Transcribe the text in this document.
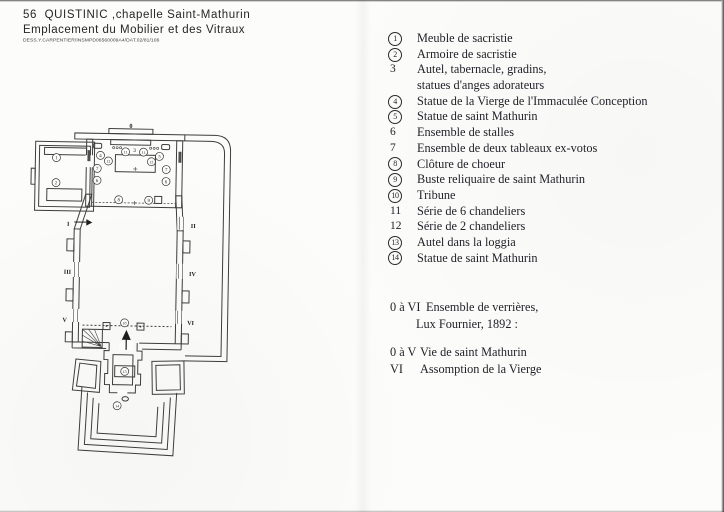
56  QUISTINIC ,chapelle Saint-Mathurin
Emplacement du Mobilier et des Vitraux
DESS.Y.CARPENTIER/INSMPD06560009A4/DAT.02/81/106
1
2
3
4
12
11	11
12
5
7
6
7
6
8	9
10
13
14
0
I	II
III	IV
V	VI
1	Meuble de sacristie
2	Armoire de sacristie
3 Autel, tabernacle, gradins,
statues d'anges adorateurs
4	Statue de la Vierge de l'Immaculée Conception
5	Statue de saint Mathurin
6 Ensemble de stalles
7 Ensemble de deux tableaux ex-votos
8	Clôture de choeur
9	Buste reliquaire de saint Mathurin
10 Tribune
11 Série de 6 chandeliers
12 Série de 2 chandeliers
13 Autel dans la loggia
14 Statue de saint Mathurin
0 à VI Ensemble de verrières,
Lux Fournier, 1892 :
0 à V Vie de saint Mathurin
VI	Assomption de la Vierge
